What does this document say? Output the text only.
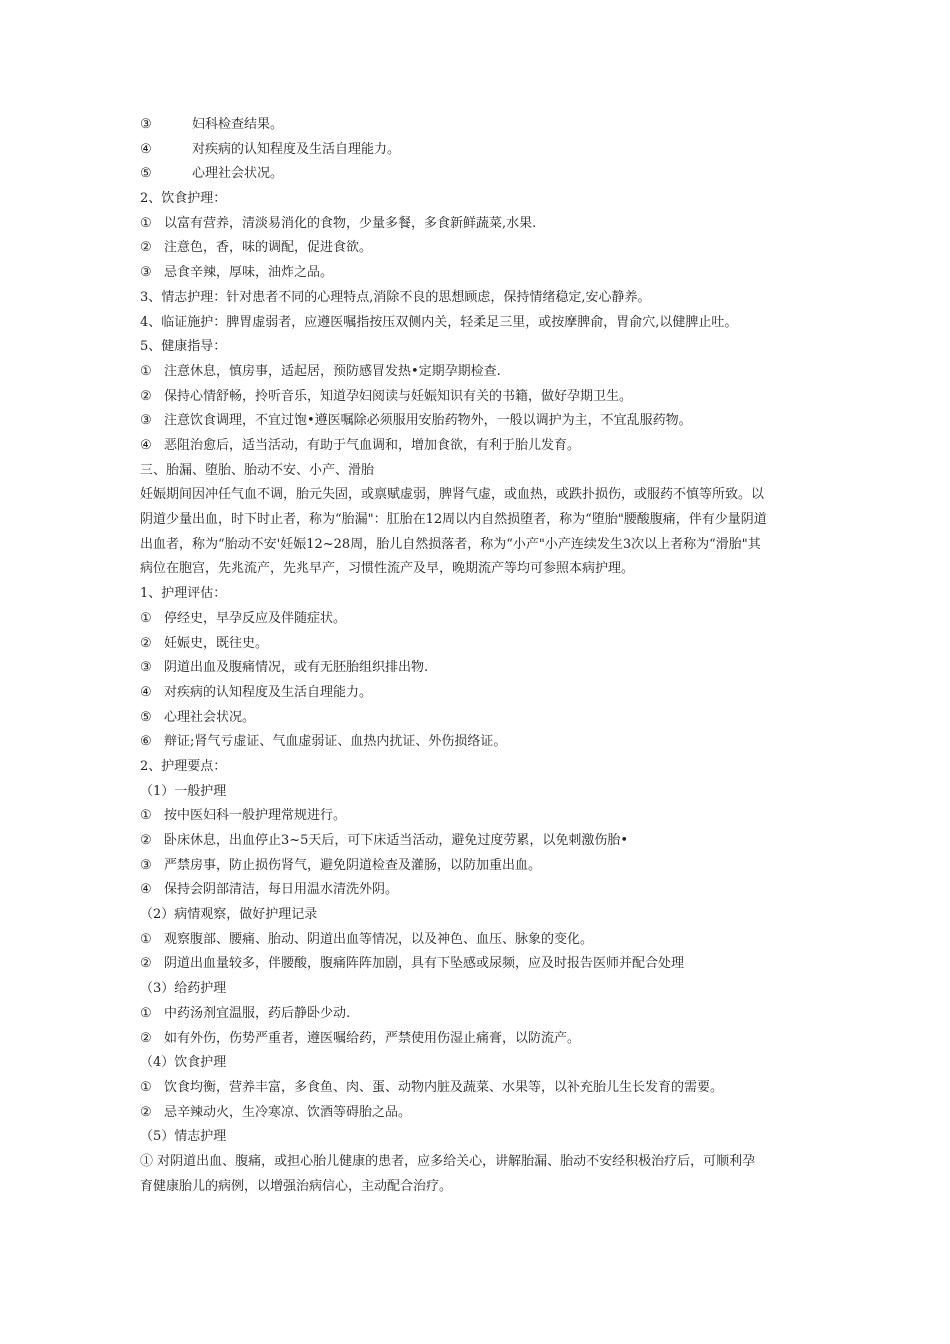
③	妇科检查结果。
④	对疾病的认知程度及生活自理能力。
⑤	心理社会状况。
2、饮食护理：
① 以富有营养，清淡易消化的食物，少量多餐，多食新鲜蔬菜,水果.
② 注意色，香，味的调配，促进食欲。
③ 忌食辛辣，厚味，油炸之品。
3、情志护理：针对患者不同的心理特点,消除不良的思想顾虑，保持情绪稳定,安心静养。
4、临证施护：脾胃虚弱者，应遵医嘱指按压双侧内关，轻柔足三里，或按摩脾俞，胃俞穴,以健脾止吐。
5、健康指导：
① 注意休息，慎房事，适起居，预防感冒发热•定期孕期检查.
② 保持心情舒畅，拎听音乐，知道孕妇阅读与妊娠知识有关的书籍，做好孕期卫生。
③ 注意饮食调理，不宜过饱•遵医嘱除必须服用安胎药物外，一般以调护为主，不宜乱服药物。
④ 恶阻治愈后，适当活动，有助于气血调和，增加食欲，有利于胎儿发育。
三、胎漏、堕胎、胎动不安、小产、滑胎
妊娠期间因冲任气血不调，胎元失固，或禀赋虚弱，脾肾气虚，或血热，或跌扑损伤，或服药不慎等所致。以
阴道少量出血，时下时止者，称为“胎漏"：肛胎在12周以内自然损堕者，称为“堕胎"腰酸腹痛，伴有少量阴道
出血者，称为“胎动不安'妊娠12~28周，胎儿自然损落者，称为“小产"小产连续发生3次以上者称为“滑胎"其
病位在胞宫，先兆流产，先兆早产，习惯性流产及早，晚期流产等均可参照本病护理。
1、护理评估：
① 停经史，早孕反应及伴随症状。
② 妊娠史，既往史。
③ 阴道出血及腹痛情况，或有无胚胎组织排出物.
④ 对疾病的认知程度及生活自理能力。
⑤ 心理社会状况。
⑥ 辩证;肾气亏虚证、气血虚弱证、血热内扰证、外伤损络证。
2、护理要点：
（1）一般护理
① 按中医妇科一般护理常规进行。
② 卧床休息，出血停止3~5天后，可下床适当活动，避免过度劳累，以免刺激伤胎•
③ 严禁房事，防止损伤肾气，避免阴道检查及灌肠，以防加重出血。
④ 保持会阴部清洁，每日用温水清洗外阴。
（2）病情观察，做好护理记录
① 观察腹部、腰痛、胎动、阴道出血等情况，以及神色、血压、脉象的变化。
② 阴道出血量较多，伴腰酸，腹痛阵阵加剧，具有下坠感或尿频，应及时报告医师并配合处理
（3）给药护理
① 中药汤剂宜温服，药后静卧少动.
② 如有外伤，伤势严重者，遵医嘱给药，严禁使用伤湿止痛膏，以防流产。
（4）饮食护理
① 饮食均衡，营养丰富，多食鱼、肉、蛋、动物内脏及蔬菜、水果等，以补充胎儿生长发育的需要。
② 忌辛辣动火，生冷寒凉、饮酒等碍胎之品。
（5）情志护理
① 对阴道出血、腹痛，或担心胎儿健康的患者，应多给关心，讲解胎漏、胎动不安经积极治疗后，可顺利孕
育健康胎儿的病例，以增强治病信心，主动配合治疗。
